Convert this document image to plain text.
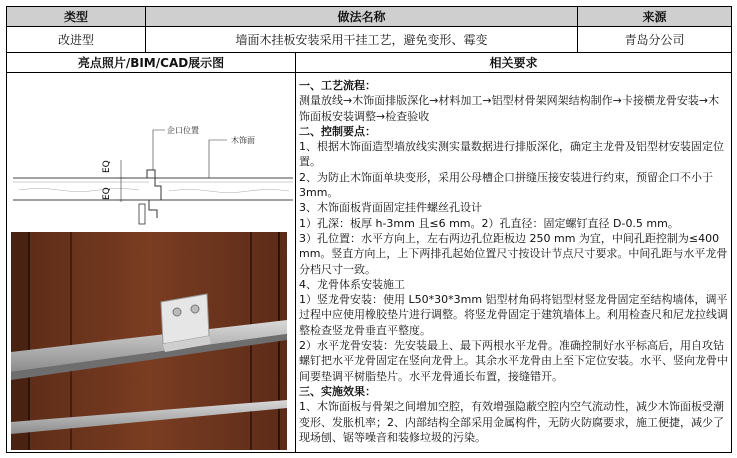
类型	做法名称	来源
改进型	墙面木挂板安装采用干挂工艺，避免变形、霉变	青岛分公司
亮点照片/BIM/CAD展示图	相关要求
EQ
EQ
企口位置
木饰面

一、工艺流程：

测量放线→木饰面排版深化→材料加工→铝型材骨架网架结构制作→卡接横龙骨安装→木饰面板安装调整→检查验收

二、控制要点：

1、根据木饰面造型墙放线实测实量数据进行排版深化，确定主龙骨及铝型材安装固定位置。

2、为防止木饰面单块变形，采用公母槽企口拼缝压接安装进行约束，预留企口不小于 3mm。

3、木饰面板背面固定挂件螺丝孔设计

1）孔深：板厚 h-3mm 且≤6 mm。2）孔直径：固定螺钉直径 D-0.5 mm。

3）孔位置：水平方向上，左右两边孔位距板边 250 mm 为宜，中间孔距控制为≤400 mm。竖直方向上，上下两排孔起始位置尺寸按设计节点尺寸要求。中间孔距与水平龙骨分档尺寸一致。

4、龙骨体系安装施工

1）竖龙骨安装：使用 L50*30*3mm 铝型材角码将铝型材竖龙骨固定至结构墙体，调平过程中应使用橡胶垫片进行调整。将竖龙骨固定于建筑墙体上。利用检查尺和尼龙拉线调整检查竖龙骨垂直平整度。

2）水平龙骨安装：先安装最上、最下两根水平龙骨。准确控制好水平标高后，用自攻钻螺钉把水平龙骨固定在竖向龙骨上。其余水平龙骨由上至下定位安装。水平、竖向龙骨中间要垫调平树脂垫片。水平龙骨通长布置，接缝错开。

三、实施效果：

1、木饰面板与骨架之间增加空腔，有效增强隐蔽空腔内空气流动性，减少木饰面板受潮变形、发胀机率；2、内部结构全部采用金属构件，无防火防腐要求，施工便捷，减少了现场刨、锯等噪音和装修垃圾的污染。
